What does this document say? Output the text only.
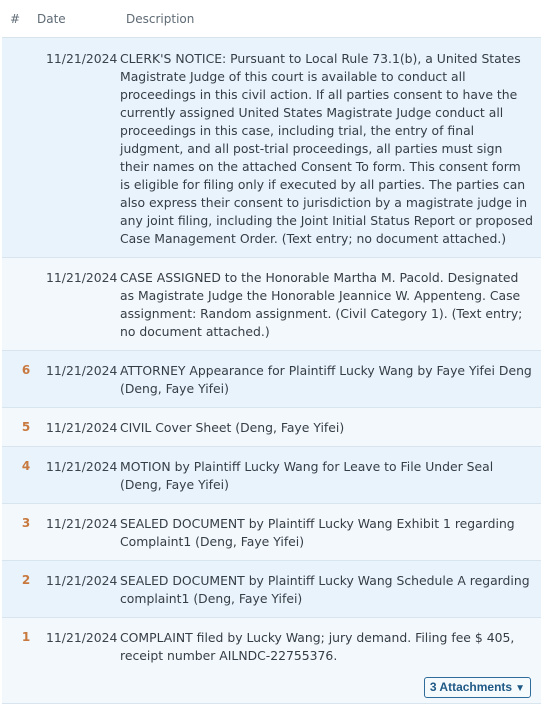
# Date	Description
11/21/2024 CLERK'S NOTICE: Pursuant to Local Rule 73.1(b), a United States Magistrate Judge of this court is available to conduct all proceedings in this civil action. If all parties consent to have the currently assigned United States Magistrate Judge conduct all proceedings in this case, including trial, the entry of final judgment, and all post-trial proceedings, all parties must sign their names on the attached Consent To form. This consent form is eligible for filing only if executed by all parties. The parties can also express their consent to jurisdiction by a magistrate judge in any joint filing, including the Joint Initial Status Report or proposed Case Management Order. (Text entry; no document attached.)
11/21/2024 CASE ASSIGNED to the Honorable Martha M. Pacold. Designated as Magistrate Judge the Honorable Jeannice W. Appenteng. Case assignment: Random assignment. (Civil Category 1). (Text entry; no document attached.)
6 11/21/2024 ATTORNEY Appearance for Plaintiff Lucky Wang by Faye Yifei Deng (Deng, Faye Yifei)
5 11/21/2024 CIVIL Cover Sheet (Deng, Faye Yifei)
4 11/21/2024 MOTION by Plaintiff Lucky Wang for Leave to File Under Seal (Deng, Faye Yifei)
3 11/21/2024 SEALED DOCUMENT by Plaintiff Lucky Wang Exhibit 1 regarding Complaint1 (Deng, Faye Yifei)
2 11/21/2024 SEALED DOCUMENT by Plaintiff Lucky Wang Schedule A regarding complaint1 (Deng, Faye Yifei)
1 11/21/2024 COMPLAINT filed by Lucky Wang; jury demand. Filing fee $ 405, receipt number AILNDC-22755376.
3 Attachments ▼
